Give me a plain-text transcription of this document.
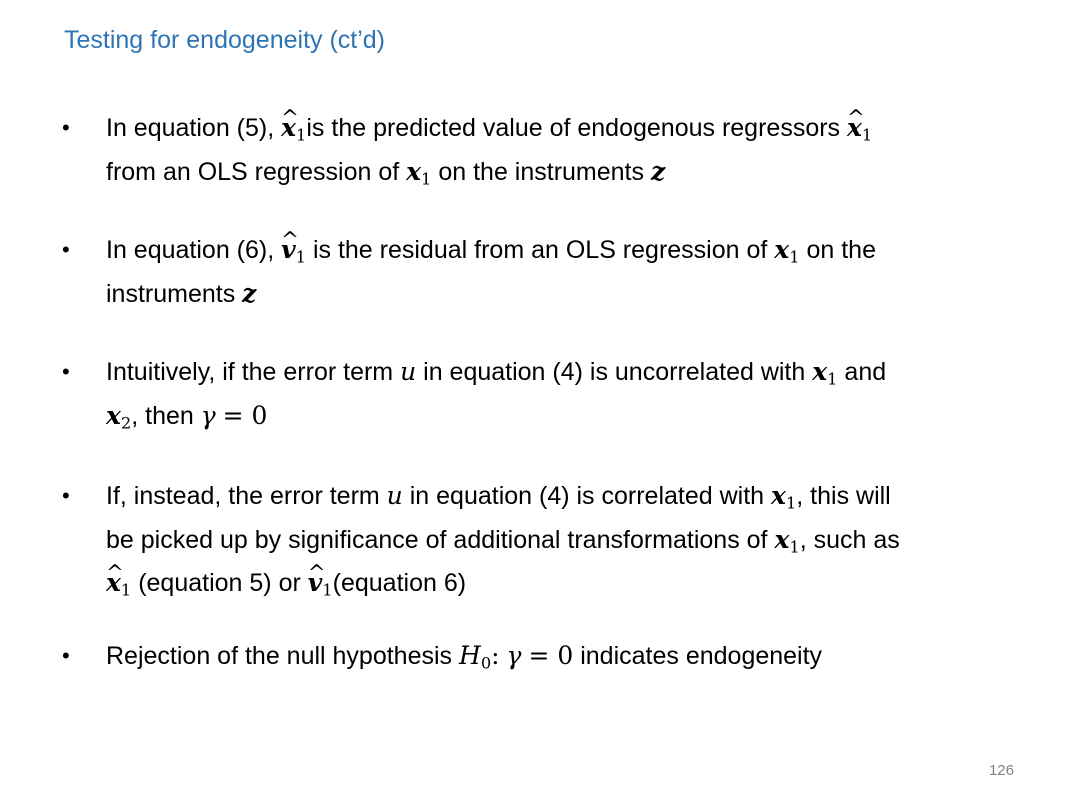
Testing for endogeneity (ct’d)
•	In equation (5), ^ $x_1is$ the predicted value of endogenous regressors ^ $x_1$
from an OLS regression of $x_1$ on the instruments z
•	In equation (6), ^ $v_1$ is the residual from an OLS regression of $x_1$ on the
instruments z
•	Intuitively, if the error term u in equation (4) is uncorrelated with $x_1$ and
$x_2$, then γ = 0
•	If, instead, the error term u in equation (4) is correlated with $x_1$, this will
be picked up by significance of additional transformations of $x_1$, such as
^ $x_1$ (equation 5) or ^ $v_1(equation$ 6)
•	Rejection of the null hypothesis $H_0$: γ = 0 indicates endogeneity
126
